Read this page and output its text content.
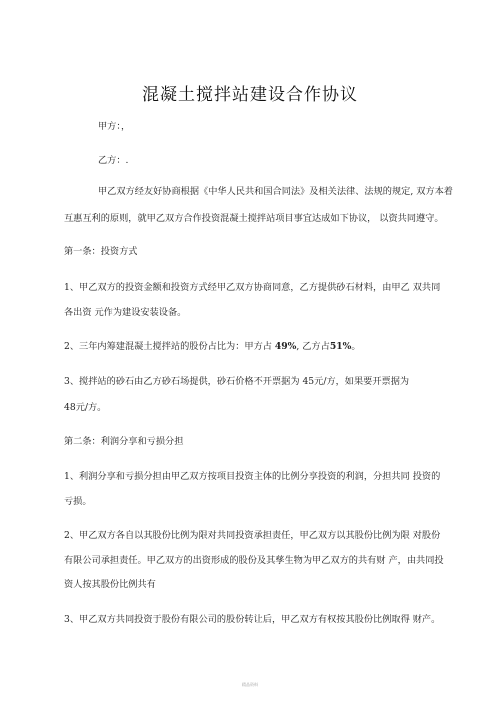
混凝土搅拌站建设合作协议
甲方：，
乙方：.
甲乙双方经友好协商根据《中华人民共和国合同法》及相关法律、法规的规定, 双方本着
互惠互利的原则，就甲乙双方合作投资混凝土搅拌站项目事宜达成如下协议， 以资共同遵守。
第一条：投资方式
1、甲乙双方的投资金额和投资方式经甲乙双方协商同意，乙方提供砂石材料，由甲乙 双共同
各出资 元作为建设安装设备。
2、三年内筹建混凝土搅拌站的股份占比为：甲方占 49%, 乙方占51%。
3、搅拌站的砂石由乙方砂石场提供，砂石价格不开票据为 45元/方，如果要开票据为
48元/方。
第二条：利润分享和亏损分担
1、利润分享和亏损分担由甲乙双方按项目投资主体的比例分享投资的利润，分担共同 投资的
亏损。
2、甲乙双方各自以其股份比例为限对共同投资承担责任，甲乙双方以其股份比例为限 对股份
有限公司承担责任。甲乙双方的出资形成的股份及其孳生物为甲乙双方的共有财 产，由共同投
资人按其股份比例共有
3、甲乙双方共同投资于股份有限公司的股份转让后，甲乙双方有权按其股份比例取得 财产。
精品资料
